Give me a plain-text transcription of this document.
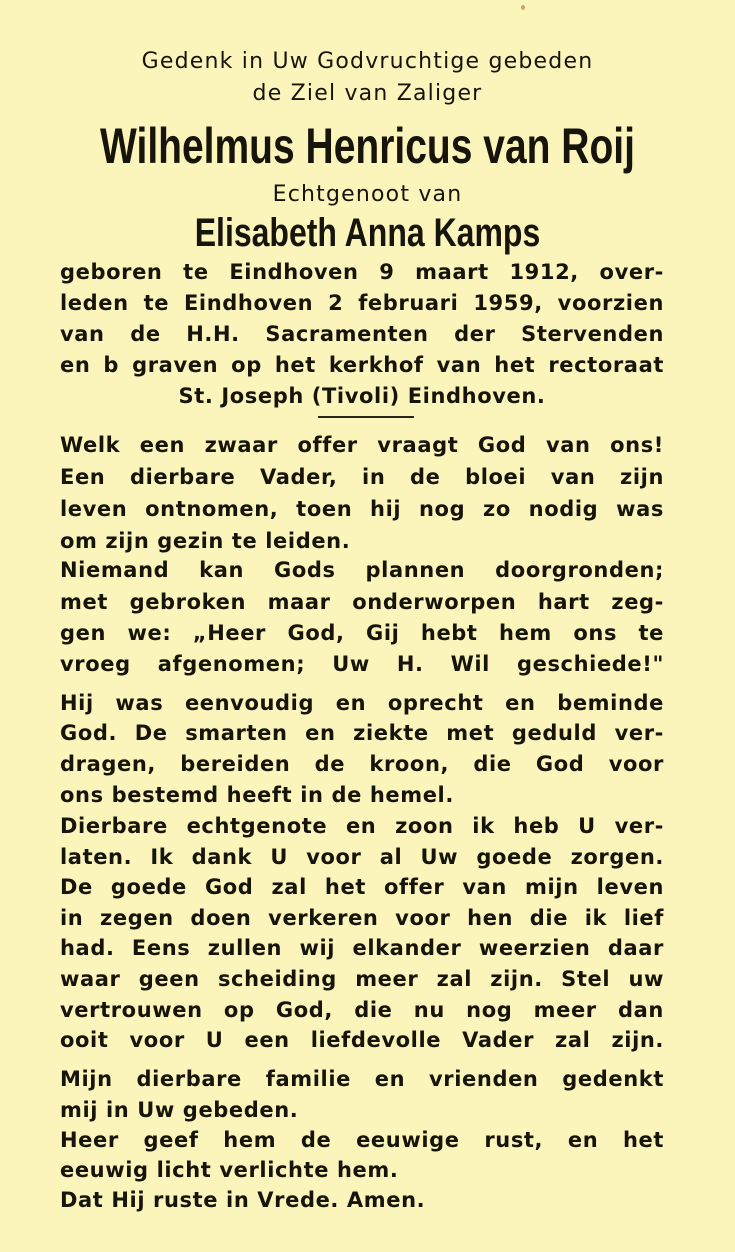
Gedenk in Uw Godvruchtige gebeden
de Ziel van Zaliger
Wilhelmus Henricus van Roij
Echtgenoot van
Elisabeth Anna Kamps
geboren te Eindhoven 9 maart 1912, over-
leden te Eindhoven 2 februari 1959, voorzien
van de H.H. Sacramenten der Stervenden
en b graven op het kerkhof van het rectoraat
St. Joseph (Tivoli) Eindhoven.
Welk een zwaar offer vraagt God van ons!
Een dierbare Vader, in de bloei van zijn
leven ontnomen, toen hij nog zo nodig was
om zijn gezin te leiden.
Niemand kan Gods plannen doorgronden;
met gebroken maar onderworpen hart zeg-
gen we: „Heer God, Gij hebt hem ons te
vroeg afgenomen; Uw H. Wil geschiede!"
Hij was eenvoudig en oprecht en beminde
God. De smarten en ziekte met geduld ver-
dragen, bereiden de kroon, die God voor
ons bestemd heeft in de hemel.
Dierbare echtgenote en zoon ik heb U ver-
laten. Ik dank U voor al Uw goede zorgen.
De goede God zal het offer van mijn leven
in zegen doen verkeren voor hen die ik lief
had. Eens zullen wij elkander weerzien daar
waar geen scheiding meer zal zijn. Stel uw
vertrouwen op God, die nu nog meer dan
ooit voor U een liefdevolle Vader zal zijn.
Mijn dierbare familie en vrienden gedenkt
mij in Uw gebeden.
Heer geef hem de eeuwige rust, en het
eeuwig licht verlichte hem.
Dat Hij ruste in Vrede. Amen.
